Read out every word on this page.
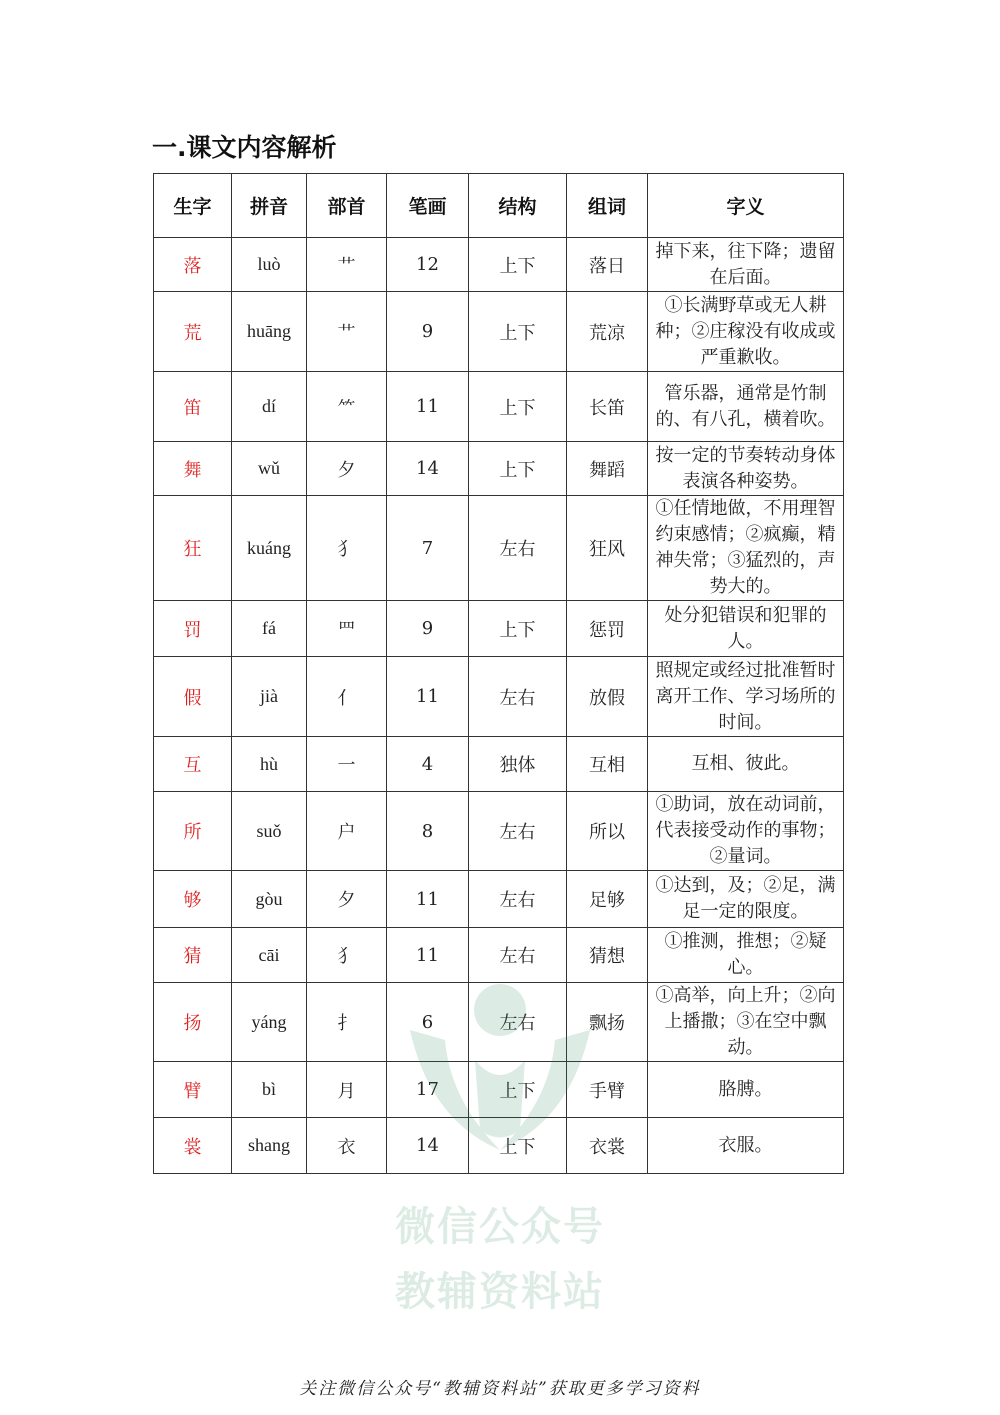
一.课文内容解析
生字	拼音	部首	笔画	结构	组词	字义
落	luò	艹	12	上下	落日	掉下来，往下降；遗留在后面。
荒	huāng	艹	9	上下	荒凉	①长满野草或无人耕种；②庄稼没有收成或严重歉收。
笛	dí	⺮	11	上下	长笛	管乐器，通常是竹制的、有八孔，横着吹。
舞	wǔ	夕	14	上下	舞蹈	按一定的节奏转动身体表演各种姿势。
狂	kuáng	犭	7	左右	狂风	①任情地做，不用理智约束感情；②疯癫，精神失常；③猛烈的，声势大的。
罚	fá	罒	9	上下	惩罚	处分犯错误和犯罪的人。
假	jià	亻	11	左右	放假	照规定或经过批准暂时离开工作、学习场所的时间。
互	hù	一	4	独体	互相	互相、彼此。
所	suǒ	户	8	左右	所以	①助词，放在动词前，代表接受动作的事物；②量词。
够	gòu	夕	11	左右	足够	①达到，及；②足，满足一定的限度。
猜	cāi	犭	11	左右	猜想	①推测，推想；②疑心。
扬	yáng	扌	6	左右	飘扬	①高举，向上升；②向上播撒；③在空中飘动。
臂	bì	月	17	上下	手臂	胳膊。
裳	shang	衣	14	上下	衣裳	衣服。
微信公众号
教辅资料站
关注微信公众号“教辅资料站”获取更多学习资料
